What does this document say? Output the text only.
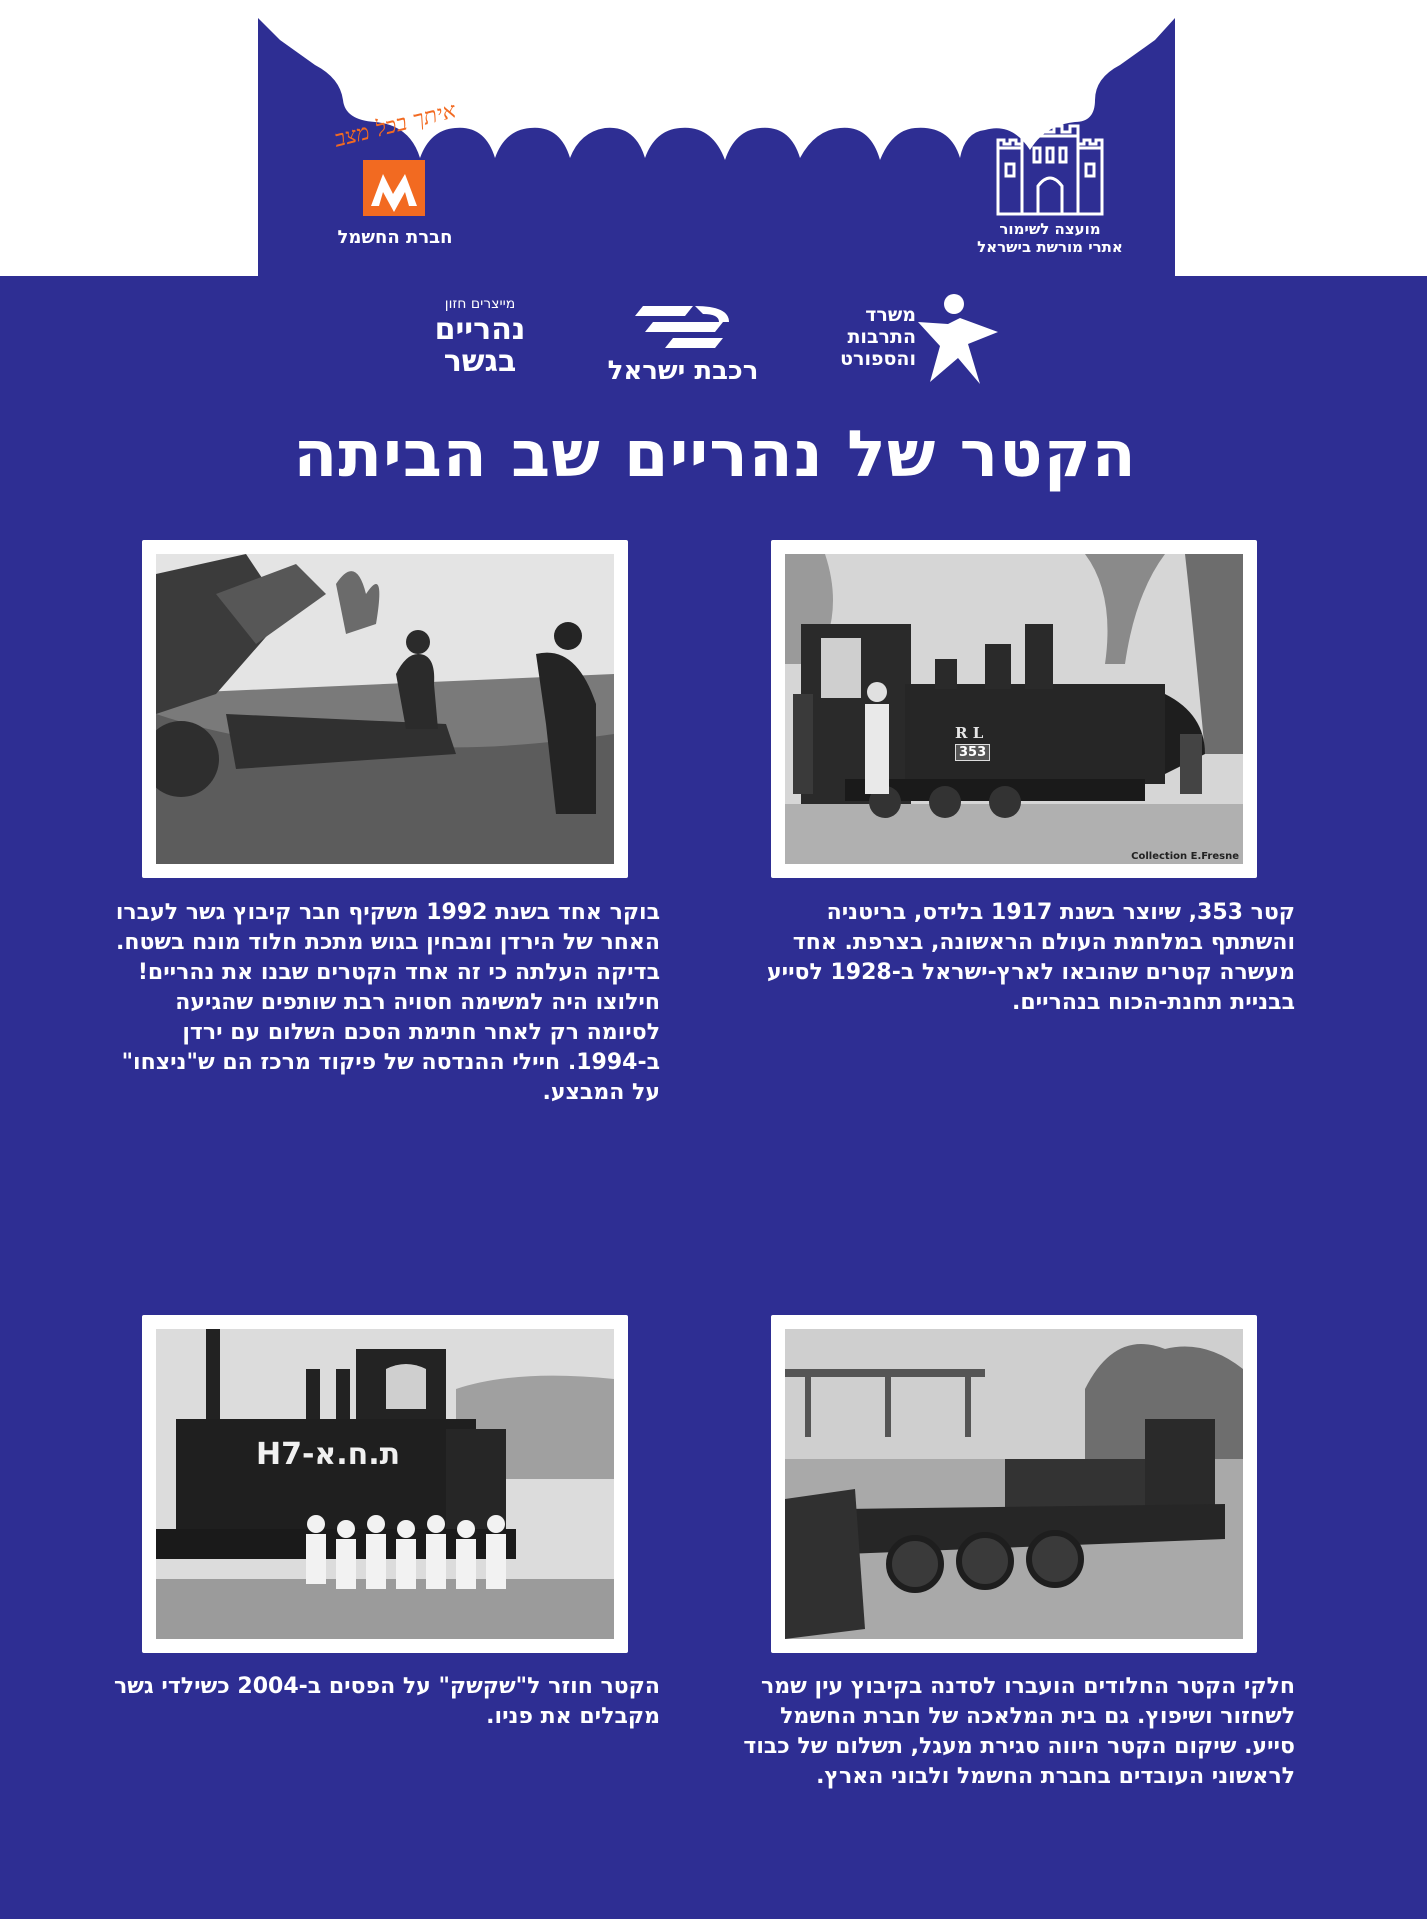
מועצה לשימור
אתרי מורשת בישראל
איתך בכל מצב
חברת החשמל
משרד
התרבות
והספורט
רכבת ישראל
מייצרים חזון
נהריים
בגשר
הקטר של נהריים שב הביתה
R L
353
Collection E.Fresne

קטר 353, שיוצר בשנת 1917 בלידס, בריטניה והשתתף במלחמת העולם הראשונה, בצרפת. אחד מעשרה קטרים שהובאו לארץ-ישראל ב-1928 לסייע בבניית תחנת-הכוח בנהריים.

בוקר אחד בשנת 1992 משקיף חבר קיבוץ גשר לעברו האחר של הירדן ומבחין בגוש מתכת חלוד מונח בשטח.

בדיקה העלתה כי זה אחד הקטרים שבנו את נהריים! חילוצו היה למשימה חסויה רבת שותפים שהגיעה לסיומה רק לאחר חתימת הסכם השלום עם ירדן ב-1994. חיילי ההנדסה של פיקוד מרכז הם ש"ניצחו" על המבצע.

ת.ח.א-H7

חלקי הקטר החלודים הועברו לסדנה בקיבוץ עין שמר לשחזור ושיפוץ. גם בית המלאכה של חברת החשמל סייע. שיקום הקטר היווה סגירת מעגל, תשלום של כבוד לראשוני העובדים בחברת החשמל ולבוני הארץ.

הקטר חוזר ל"שקשק" על הפסים ב-2004 כשילדי גשר מקבלים את פניו.
